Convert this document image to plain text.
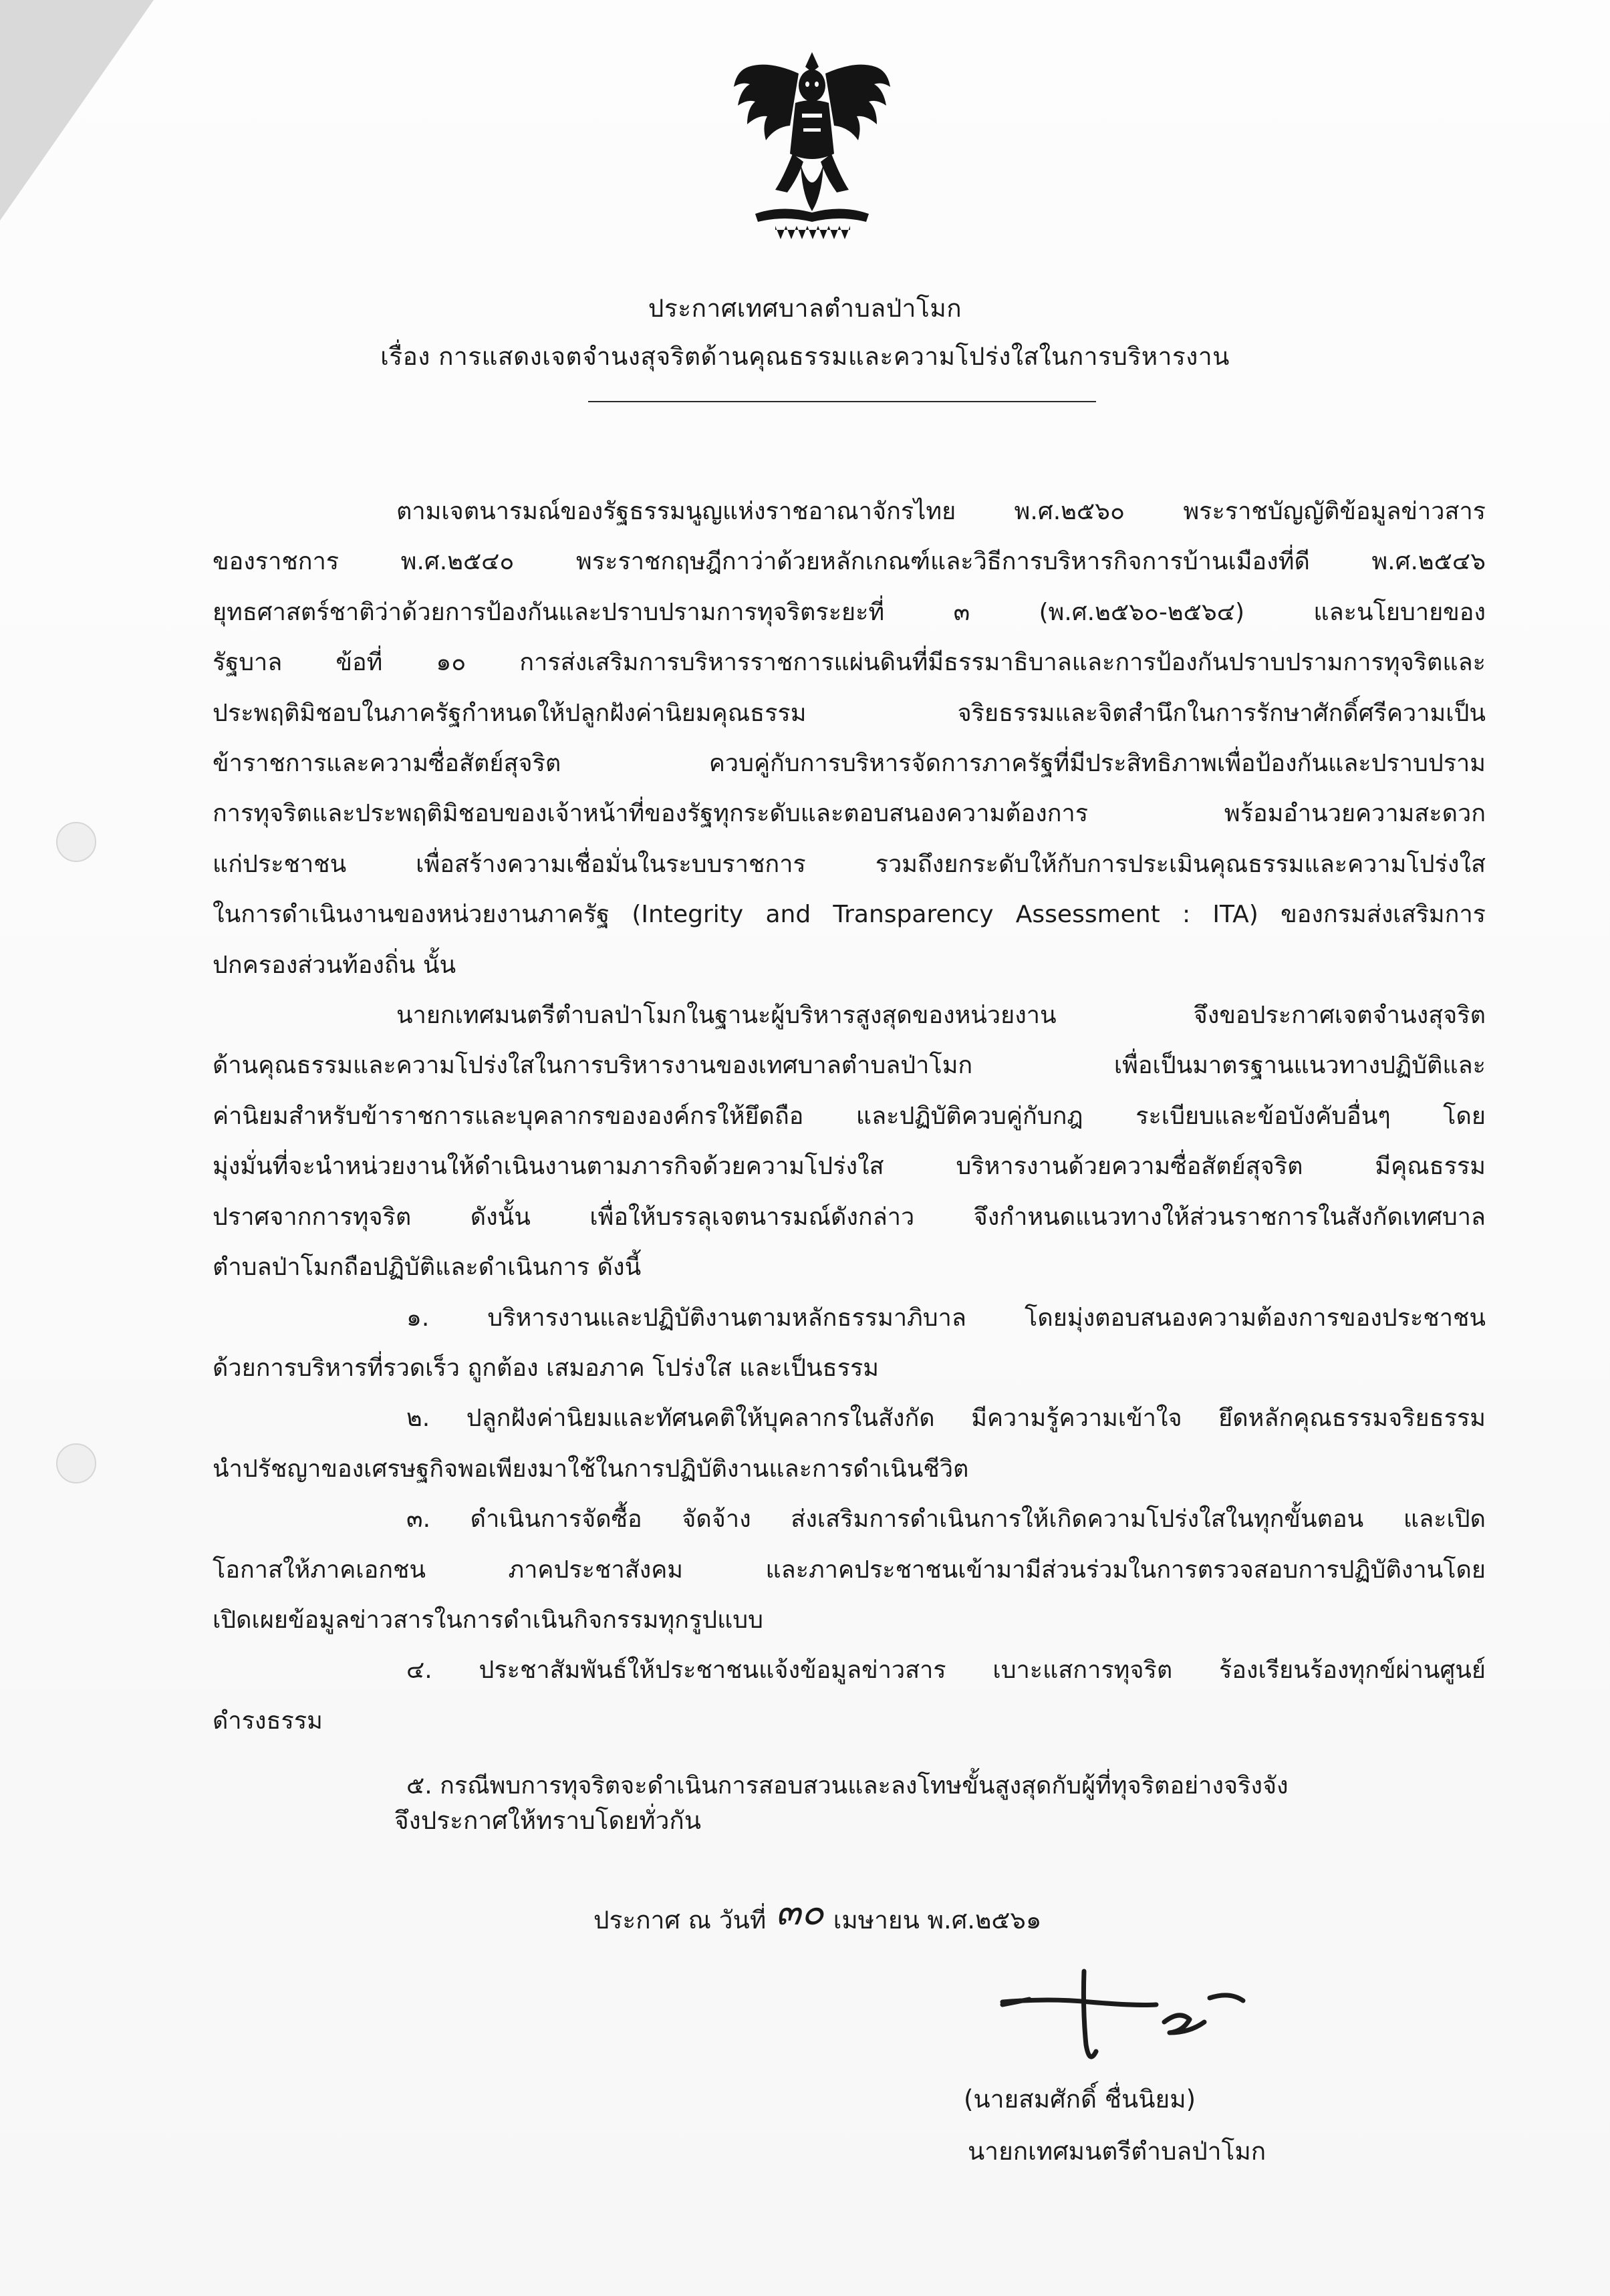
ประกาศเทศบาลตำบลป่าโมก
เรื่อง การแสดงเจตจำนงสุจริตด้านคุณธรรมและความโปร่งใสในการบริหารงาน
ตามเจตนารมณ์ของรัฐธรรมนูญแห่งราชอาณาจักรไทย พ.ศ.๒๕๖๐ พระราชบัญญัติข้อมูลข่าวสาร
ของราชการ พ.ศ.๒๕๔๐ พระราชกฤษฎีกาว่าด้วยหลักเกณฑ์และวิธีการบริหารกิจการบ้านเมืองที่ดี พ.ศ.๒๕๔๖
ยุทธศาสตร์ชาติว่าด้วยการป้องกันและปราบปรามการทุจริตระยะที่ ๓ (พ.ศ.๒๕๖๐-๒๕๖๔) และนโยบายของ
รัฐบาล ข้อที่ ๑๐ การส่งเสริมการบริหารราชการแผ่นดินที่มีธรรมาธิบาลและการป้องกันปราบปรามการทุจริตและ
ประพฤติมิชอบในภาครัฐกำหนดให้ปลูกฝังค่านิยมคุณธรรม จริยธรรมและจิตสำนึกในการรักษาศักดิ์ศรีความเป็น
ข้าราชการและความซื่อสัตย์สุจริต ควบคู่กับการบริหารจัดการภาครัฐที่มีประสิทธิภาพเพื่อป้องกันและปราบปราม
การทุจริตและประพฤติมิชอบของเจ้าหน้าที่ของรัฐทุกระดับและตอบสนองความต้องการ พร้อมอำนวยความสะดวก
แก่ประชาชน เพื่อสร้างความเชื่อมั่นในระบบราชการ รวมถึงยกระดับให้กับการประเมินคุณธรรมและความโปร่งใส
ในการดำเนินงานของหน่วยงานภาครัฐ (Integrity and Transparency Assessment : ITA) ของกรมส่งเสริมการ
ปกครองส่วนท้องถิ่น นั้น
นายกเทศมนตรีตำบลป่าโมกในฐานะผู้บริหารสูงสุดของหน่วยงาน จึงขอประกาศเจตจำนงสุจริต
ด้านคุณธรรมและความโปร่งใสในการบริหารงานของเทศบาลตำบลป่าโมก เพื่อเป็นมาตรฐานแนวทางปฏิบัติและ
ค่านิยมสำหรับข้าราชการและบุคลากรขององค์กรให้ยึดถือ และปฏิบัติควบคู่กับกฎ ระเบียบและข้อบังคับอื่นๆ โดย
มุ่งมั่นที่จะนำหน่วยงานให้ดำเนินงานตามภารกิจด้วยความโปร่งใส บริหารงานด้วยความซื่อสัตย์สุจริต มีคุณธรรม
ปราศจากการทุจริต ดังนั้น เพื่อให้บรรลุเจตนารมณ์ดังกล่าว จึงกำหนดแนวทางให้ส่วนราชการในสังกัดเทศบาล
ตำบลป่าโมกถือปฏิบัติและดำเนินการ ดังนี้
๑. บริหารงานและปฏิบัติงานตามหลักธรรมาภิบาล โดยมุ่งตอบสนองความต้องการของประชาชน
ด้วยการบริหารที่รวดเร็ว ถูกต้อง เสมอภาค โปร่งใส และเป็นธรรม
๒. ปลูกฝังค่านิยมและทัศนคติให้บุคลากรในสังกัด มีความรู้ความเข้าใจ ยึดหลักคุณธรรมจริยธรรม
นำปรัชญาของเศรษฐกิจพอเพียงมาใช้ในการปฏิบัติงานและการดำเนินชีวิต
๓. ดำเนินการจัดซื้อ จัดจ้าง ส่งเสริมการดำเนินการให้เกิดความโปร่งใสในทุกขั้นตอน และเปิด
โอกาสให้ภาคเอกชน ภาคประชาสังคม และภาคประชาชนเข้ามามีส่วนร่วมในการตรวจสอบการปฏิบัติงานโดย
เปิดเผยข้อมูลข่าวสารในการดำเนินกิจกรรมทุกรูปแบบ
๔. ประชาสัมพันธ์ให้ประชาชนแจ้งข้อมูลข่าวสาร เบาะแสการทุจริต ร้องเรียนร้องทุกข์ผ่านศูนย์
ดำรงธรรม
๕. กรณีพบการทุจริตจะดำเนินการสอบสวนและลงโทษขั้นสูงสุดกับผู้ที่ทุจริตอย่างจริงจัง
จึงประกาศให้ทราบโดยทั่วกัน
ประกาศ ณ วันที่ ๓๐ เมษายน พ.ศ.๒๕๖๑
(นายสมศักดิ์ ชื่นนิยม)
นายกเทศมนตรีตำบลป่าโมก
